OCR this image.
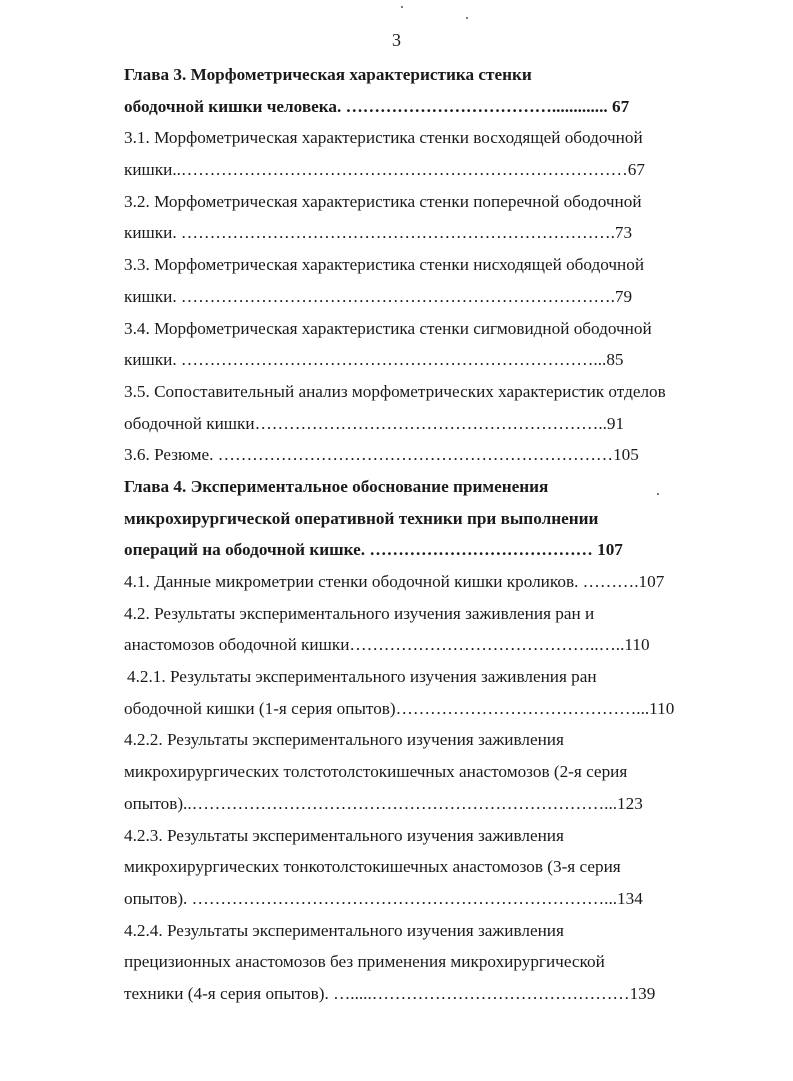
3
Глава 3. Морфометрическая характеристика стенки
ободочной кишки человека. ………………………………............. 67
3.1. Морфометрическая характеристика стенки восходящей ободочной
кишки..……………………………………………………………………67
3.2. Морфометрическая характеристика стенки поперечной ободочной
кишки. ………………………………………………………………….73
3.3. Морфометрическая характеристика стенки нисходящей ободочной
кишки. ………………………………………………………………….79
3.4. Морфометрическая характеристика стенки сигмовидной ободочной
кишки. ………………………………………………………………...85
3.5. Сопоставительный анализ морфометрических характеристик отделов
ободочной кишки……………………………………………………..91
3.6. Резюме. ……………………………………………………………105
Глава 4. Экспериментальное обоснование применения
микрохирургической оперативной техники при выполнении
операций на ободочной кишке. ………………………………… 107
4.1. Данные микрометрии стенки ободочной кишки кроликов. ……….107
4.2. Результаты экспериментального изучения заживления ран и
анастомозов ободочной кишки……………………………………..…..110
4.2.1. Результаты экспериментального изучения заживления ран
ободочной кишки (1-я серия опытов)……………………………………...110
4.2.2. Результаты экспериментального изучения заживления
микрохирургических толстотолстокишечных анастомозов (2-я серия
опытов)..………………………………………………………………...123
4.2.3. Результаты экспериментального изучения заживления
микрохирургических тонкотолстокишечных анастомозов (3-я серия
опытов). ………………………………………………………………...134
4.2.4. Результаты экспериментального изучения заживления
прецизионных анастомозов без применения микрохирургической
техники (4-я серия опытов). ….....………………………………………139
